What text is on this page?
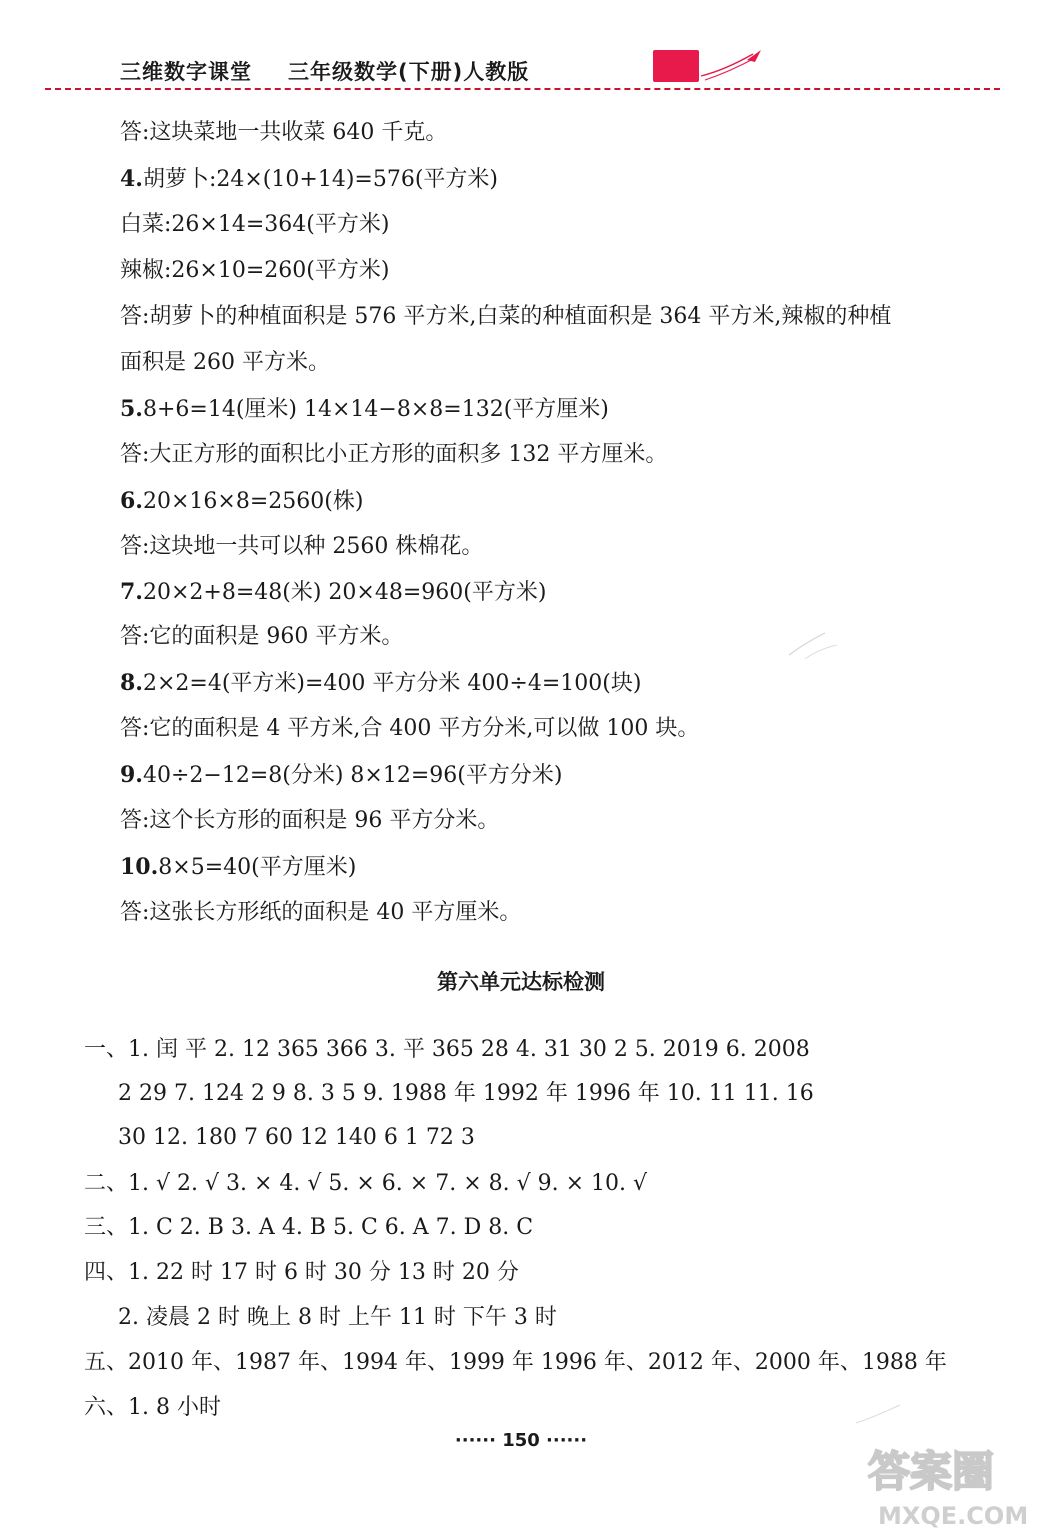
三维数字课堂 三年级数学(下册)人教版
答:这块菜地一共收菜 640 千克。
4.胡萝卜:24×(10+14)=576(平方米)
白菜:26×14=364(平方米)
辣椒:26×10=260(平方米)
答:胡萝卜的种植面积是 576 平方米,白菜的种植面积是 364 平方米,辣椒的种植
面积是 260 平方米。
5.8+6=14(厘米) 14×14−8×8=132(平方厘米)
答:大正方形的面积比小正方形的面积多 132 平方厘米。
6.20×16×8=2560(株)
答:这块地一共可以种 2560 株棉花。
7.20×2+8=48(米) 20×48=960(平方米)
答:它的面积是 960 平方米。
8.2×2=4(平方米)=400 平方分米 400÷4=100(块)
答:它的面积是 4 平方米,合 400 平方分米,可以做 100 块。
9.40÷2−12=8(分米) 8×12=96(平方分米)
答:这个长方形的面积是 96 平方分米。
10.8×5=40(平方厘米)
答:这张长方形纸的面积是 40 平方厘米。
第六单元达标检测
一、1. 闰 平 2. 12 365 366 3. 平 365 28 4. 31 30 2 5. 2019 6. 2008
2 29 7. 124 2 9 8. 3 5 9. 1988 年 1992 年 1996 年 10. 11 11. 16
30 12. 180 7 60 12 140 6 1 72 3
二、1. √ 2. √ 3. × 4. √ 5. × 6. × 7. × 8. √ 9. × 10. √
三、1. C 2. B 3. A 4. B 5. C 6. A 7. D 8. C
四、1. 22 时 17 时 6 时 30 分 13 时 20 分
2. 凌晨 2 时 晚上 8 时 上午 11 时 下午 3 时
五、2010 年、1987 年、1994 年、1999 年 1996 年、2012 年、2000 年、1988 年
六、1. 8 小时
······ 150 ······
答案圈
MXQE.COM
